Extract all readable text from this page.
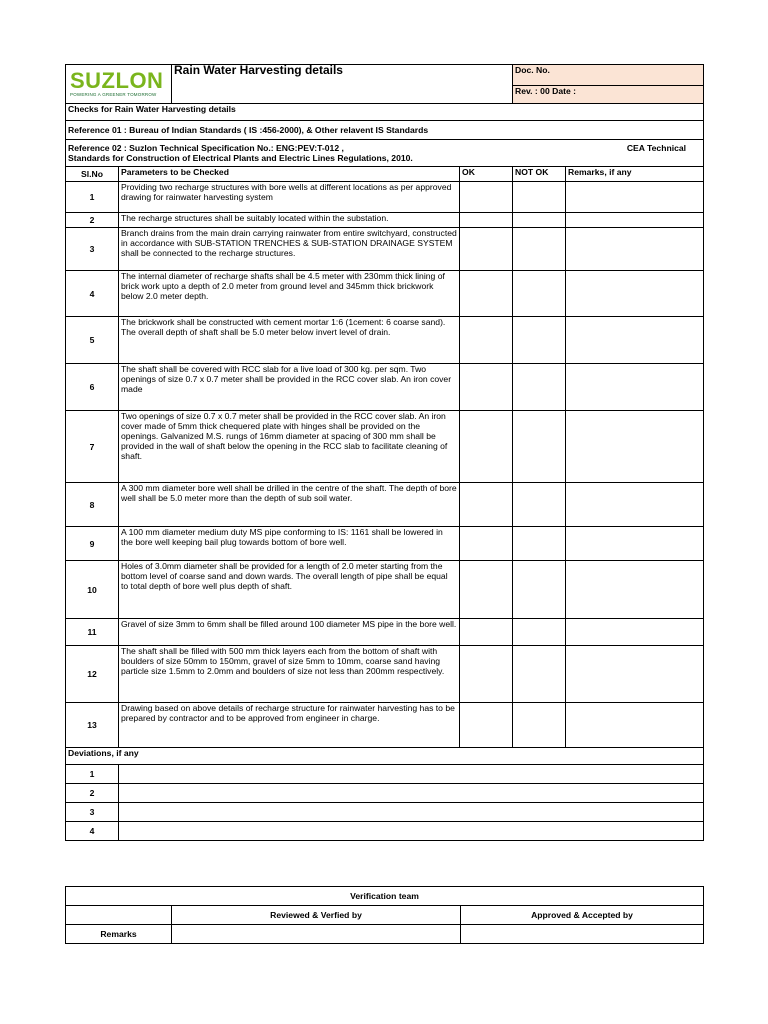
SUZLON
POWERING A GREENER TOMORROW		Rain Water Harvesting details		Doc. No.	
				Rev. : 00 Date :	
Checks for Rain Water Harvesting details					
Reference 01 : Bureau of Indian Standards ( IS :456-2000), & Other relavent IS Standards					

Reference 02 : Suzlon Technical Specification No.: ENG:PEV:T-012 , CEA Technical
Standards for Construction of Electrical Plants and Electric Lines Regulations, 2010.					

Sl.No	Parameters to be Checked		OK	NOT OK	Remarks, if any
1	Providing two recharge structures with bore wells at different locations as per approved drawing for rainwater harvesting system				
2	The recharge structures shall be suitably located within the substation.				
3	Branch drains from the main drain carrying rainwater from entire switchyard, constructed in accordance with SUB-STATION TRENCHES & SUB-STATION DRAINAGE SYSTEM shall be connected to the recharge structures.				
4	The internal diameter of recharge shafts shall be 4.5 meter with 230mm thick lining of brick work upto a depth of 2.0 meter from ground level and 345mm thick brickwork below 2.0 meter depth.				
5	The brickwork shall be constructed with cement mortar 1:6 (1cement: 6 coarse sand). The overall depth of shaft shall be 5.0 meter below invert level of drain.				
6	The shaft shall be covered with RCC slab for a live load of 300 kg. per sqm. Two openings of size 0.7 x 0.7 meter shall be provided in the RCC cover slab. An iron cover made				
7	Two openings of size 0.7 x 0.7 meter shall be provided in the RCC cover slab. An iron cover made of 5mm thick chequered plate with hinges shall be provided on the openings. Galvanized M.S. rungs of 16mm diameter at spacing of 300 mm shall be provided in the wall of shaft below the opening in the RCC slab to facilitate cleaning of shaft.				
8	A 300 mm diameter bore well shall be drilled in the centre of the shaft. The depth of bore well shall be 5.0 meter more than the depth of sub soil water.				
9	A 100 mm diameter medium duty MS pipe conforming to IS: 1161 shall be lowered in the bore well keeping bail plug towards bottom of bore well.				
10	Holes of 3.0mm diameter shall be provided for a length of 2.0 meter starting from the bottom level of coarse sand and down wards. The overall length of pipe shall be equal to total depth of bore well plus depth of shaft.				
11	Gravel of size 3mm to 6mm shall be filled around 100 diameter MS pipe in the bore well.				
12	The shaft shall be filled with 500 mm thick layers each from the bottom of shaft with boulders of size 50mm to 150mm, gravel of size 5mm to 10mm, coarse sand having particle size 1.5mm to 2.0mm and boulders of size not less than 200mm respectively.				
13	Drawing based on above details of recharge structure for rainwater harvesting has to be prepared by contractor and to be approved from engineer in charge.				
Deviations, if any					
1					
2					
3					
4					
Verification team		
	Reviewed & Verfied by	Approved & Accepted by
Remarks		
